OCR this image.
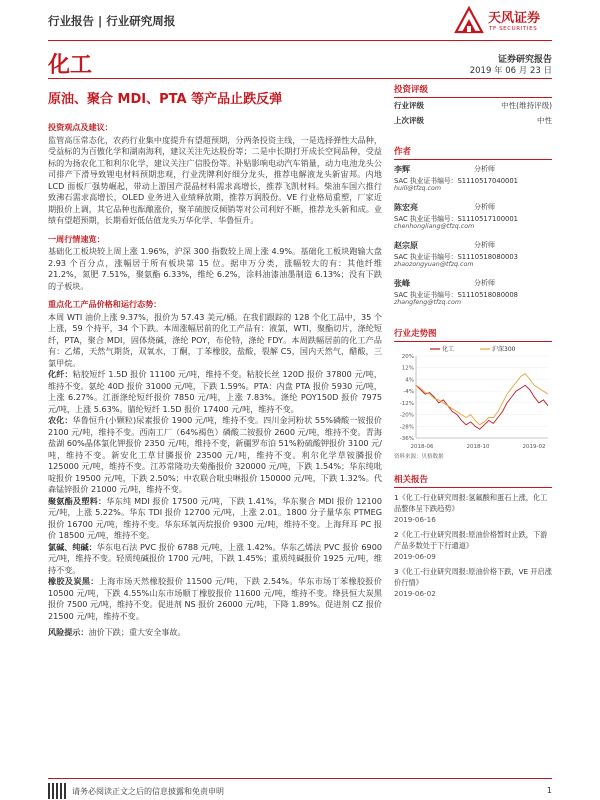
行业报告 | 行业研究周报	天风证券
TF SECURITIES
化工	证券研究报告
2019 年 06 月 23 日
原油、聚合 MDI、PTA 等产品止跌反弹
投资观点及建议：

监管高压常态化，农药行业集中度提升有望超预期，分两条投资主线，一是选择弹性大品种，受益标的为百傲化学和湖南海利，建议关注先达股份等；二是中长期打开成长空间品种，受益标的为扬农化工和利尔化学，建议关注广信股份等。补贴影响电动汽车销量，动力电池龙头公司排产下滑导致锂电材料预期悲观，行业洗牌利好细分龙头，推荐电解液龙头新宙邦。内地 LCD 面板厂强势崛起，带动上游国产混晶材料需求高增长，推荐飞凯材料。柴油车国六推行致沸石需求高增长，OLED 业务进入业绩释放期，推荐万润股份。VE 行业格局重塑，厂家近期报价上调，其它品种也酝酿涨价，聚羊硫胺反倾销等对公司利好不断，推荐龙头新和成。业绩有望超预期，长期看好低估值龙头万华化学、华鲁恒升。

一周行情速览：

基础化工板块较上周上涨 1.96%，沪深 300 指数较上周上涨 4.9%。基础化工板块跑输大盘 2.93 个百分点，涨幅居于所有板块第 15 位。据申万分类，涨幅较大的有：其他纤维 21.2%，氮肥 7.51%，聚氨酯 6.33%，维纶 6.2%，涂料油漆油墨制造 6.13%；没有下跌的子板块。

重点化工产品价格和运行态势：

本周 WTI 油价上涨 9.37%，报价为 57.43 美元/桶。在我们跟踪的 128 个化工品中，35 个上涨，59 个持平，34 个下跌。本周涨幅居前的化工产品有：液氯，WTI，聚酯切片，涤纶短纤，PTA，聚合 MDI，固体烧碱，涤纶 POY，布伦特，涤纶 FDY。本周跌幅居前的化工产品有：乙烯，天然气期货，双氧水，丁酮，丁苯橡胶，盐酸，裂解 C5，国内天然气，醋酸，三氯甲烷。

化纤：粘胶短纤 1.5D 报价 11100 元/吨，维持不变。粘胶长丝 120D 报价 37800 元/吨，维持不变。氨纶 40D 报价 31000 元/吨，下跌 1.59%。PTA：内盘 PTA 报价 5930 元/吨，上涨 6.27%。江浙涤纶短纤报价 7850 元/吨，上涨 7.83%。涤纶 POY150D 报价 7975 元/吨，上涨 5.63%。腈纶短纤 1.5D 报价 17400 元/吨，维持不变。

农化：华鲁恒升(小颗粒)尿素报价 1900 元/吨，维持不变。四川金河粉状 55%磷酸一铵报价 2100 元/吨，维持不变。西南工厂（64%褐色）磷酸二铵报价 2600 元/吨，维持不变。青海盐湖 60%晶体氯化钾报价 2350 元/吨，维持不变，新疆罗布泊 51%粉硫酸钾报价 3100 元/吨，维持不变。新安化工草甘膦报价 23500 元/吨，维持不变。利尔化学草铵膦报价 125000 元/吨，维持不变。江苏常隆功夫菊酯报价 320000 元/吨，下跌 1.54%；华东纯吡啶报价 19500 元/吨，下跌 2.50%；中农联合吡虫啉报价 150000 元/吨，下跌 1.32%。代森锰锌报价 21000 元/吨，维持不变。

聚氨酯及塑料：华东纯 MDI 报价 17500 元/吨，下跌 1.41%，华东聚合 MDI 报价 12100 元/吨，上涨 5.22%。华东 TDI 报价 12700 元/吨，上涨 2.01。1800 分子量华东 PTMEG 报价 16700 元/吨，维持不变。华东环氧丙烷报价 9300 元/吨，维持不变。上海拜耳 PC 报价 18500 元/吨，维持不变。

氯碱、纯碱：华东电石法 PVC 报价 6788 元/吨，上涨 1.42%。华东乙烯法 PVC 报价 6900 元/吨，维持不变。轻质纯碱报价 1700 元/吨，下跌 1.45%；重质纯碱报价 1925 元/吨，维持不变。

橡胶及炭黑：上海市场天然橡胶报价 11500 元/吨，下跌 2.54%。华东市场丁苯橡胶报价 10500 元/吨，下跌 4.55%山东市场顺丁橡胶报价 11600 元/吨，维持不变。绛县恒大炭黑报价 7500 元/吨，维持不变。促进剂 NS 报价 26000 元/吨，下降 1.89%。促进剂 CZ 报价 21500 元/吨，维持不变。

风险提示：油价下跌；重大安全事故。

投资评级
行业评级	中性(维持评级)
上次评级	中性
作者
李辉	分析师
SAC 执业证书编号：S1110517040001
huili@tfzq.com
陈宏亮	分析师
SAC 执业证书编号：S1110517100001
chenhongliang@tfzq.com
赵宗原	分析师
SAC 执业证书编号：S1110518080003
zhaozongyuan@tfzq.com
张峰	分析师
SAC 执业证书编号：S1110518080008
zhangfeng@tfzq.com
行业走势图
-36%
-28%
-20%
-12%
-4%
4%
12%
20%
2018-06	2018-10	2019-02
化工	沪深300
资料来源：贝格数据
相关报告
1《化工-行业研究周报:氢氟酸和蛋石上涨，化工品整体呈下跌趋势》
2019-06-16
2《化工-行业研究周报:原油价格暂时止跌，下游产品多数处于下行通道》
2019-06-09
3《化工-行业研究周报:原油价格下跌，VE 开启涨价行情》
2019-06-02
请务必阅读正文之后的信息披露和免责申明	1
